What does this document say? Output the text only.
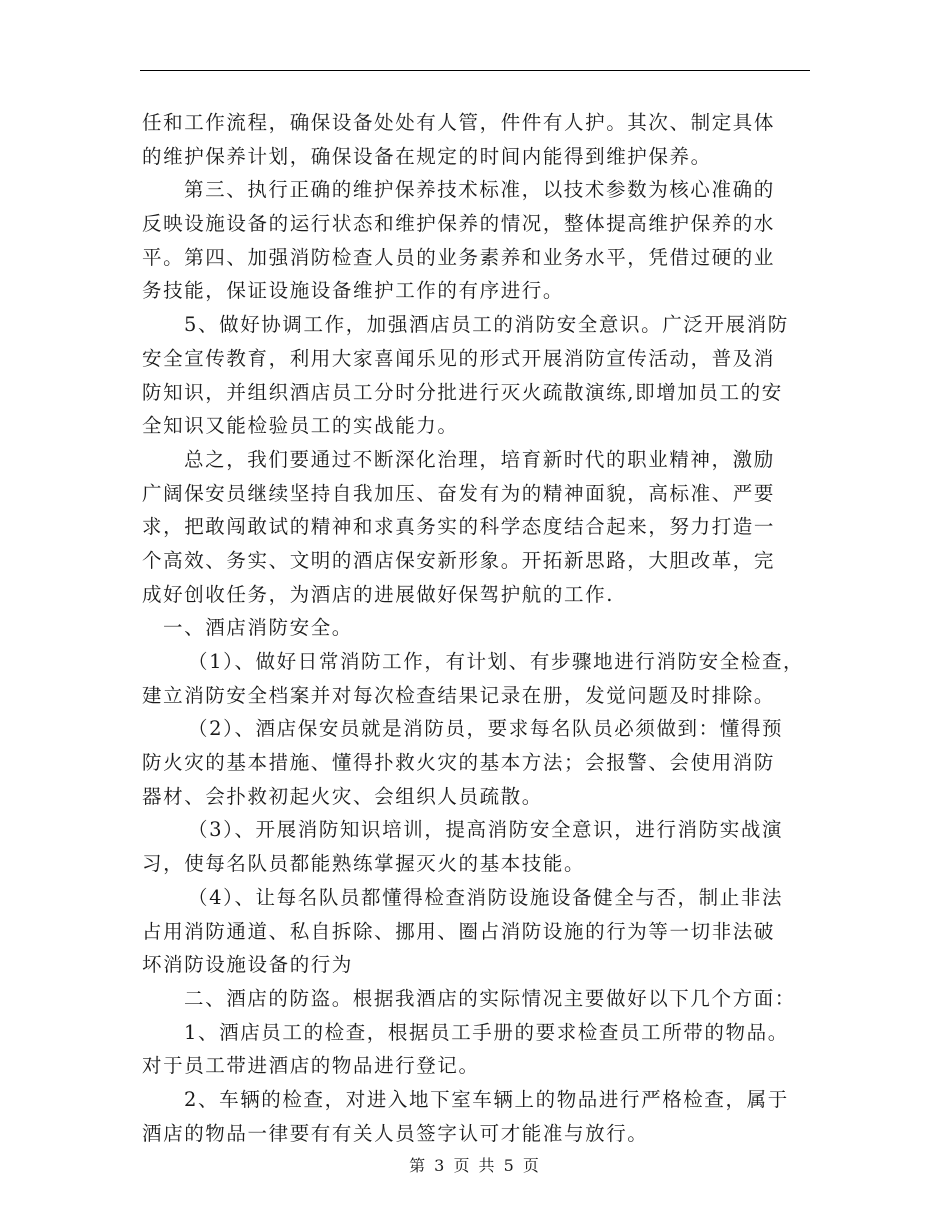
任和工作流程，确保设备处处有人管，件件有人护。其次、制定具体
的维护保养计划，确保设备在规定的时间内能得到维护保养。
第三、执行正确的维护保养技术标准，以技术参数为核心准确的
反映设施设备的运行状态和维护保养的情况，整体提高维护保养的水
平。第四、加强消防检查人员的业务素养和业务水平，凭借过硬的业
务技能，保证设施设备维护工作的有序进行。
5、做好协调工作，加强酒店员工的消防安全意识。广泛开展消防
安全宣传教育，利用大家喜闻乐见的形式开展消防宣传活动，普及消
防知识，并组织酒店员工分时分批进行灭火疏散演练,即增加员工的安
全知识又能检验员工的实战能力。
总之，我们要通过不断深化治理，培育新时代的职业精神，激励
广阔保安员继续坚持自我加压、奋发有为的精神面貌，高标准、严要
求，把敢闯敢试的精神和求真务实的科学态度结合起来，努力打造一
个高效、务实、文明的酒店保安新形象。开拓新思路，大胆改革，完
成好创收任务，为酒店的进展做好保驾护航的工作.
一、酒店消防安全。
（1）、做好日常消防工作，有计划、有步骤地进行消防安全检查，
建立消防安全档案并对每次检查结果记录在册，发觉问题及时排除。
（2）、酒店保安员就是消防员，要求每名队员必须做到：懂得预
防火灾的基本措施、懂得扑救火灾的基本方法；会报警、会使用消防
器材、会扑救初起火灾、会组织人员疏散。
（3）、开展消防知识培训，提高消防安全意识，进行消防实战演
习，使每名队员都能熟练掌握灭火的基本技能。
（4）、让每名队员都懂得检查消防设施设备健全与否，制止非法
占用消防通道、私自拆除、挪用、圈占消防设施的行为等一切非法破
坏消防设施设备的行为
二、酒店的防盗。根据我酒店的实际情况主要做好以下几个方面：
1、酒店员工的检查，根据员工手册的要求检查员工所带的物品。
对于员工带进酒店的物品进行登记。
2、车辆的检查，对进入地下室车辆上的物品进行严格检查，属于
酒店的物品一律要有有关人员签字认可才能准与放行。
第 3 页 共 5 页
